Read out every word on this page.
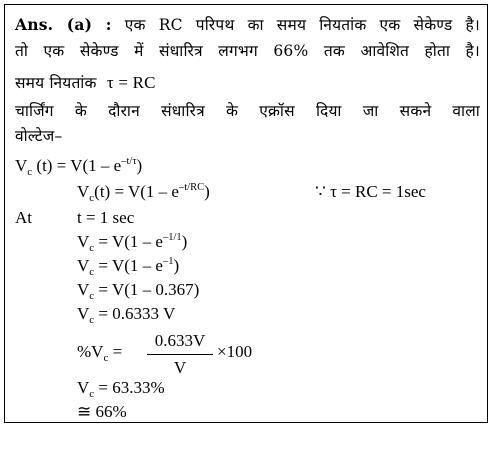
Ans. (a) : एक RC परिपथ का समय नियतांक एक सेकेण्ड है।
तो एक सेकेण्ड में संधारित्र लगभग 66% तक आवेशित होता है।
समय नियतांक τ = RC
चार्जिंग के दौरान संधारित्र के एक्रॉस दिया जा सकने वाला
वोल्टेज–
$V_c$ $(t) = V(1 - e^{-t/\tau})$
$V_c(t) = V(1 - e^{-t/RC})$	∵ τ = RC = 1sec
At	t = 1 sec
$V_c = V(1 - e^{-1/1})$
$V_c = V(1 - e^{-1})$
$V_c = V(1 - 0.367)$
$V_c = 0.6333$ V
$\%V_c$ =
0.633V
V
×100
$V_c = 63.33\%$
≅ 66%
